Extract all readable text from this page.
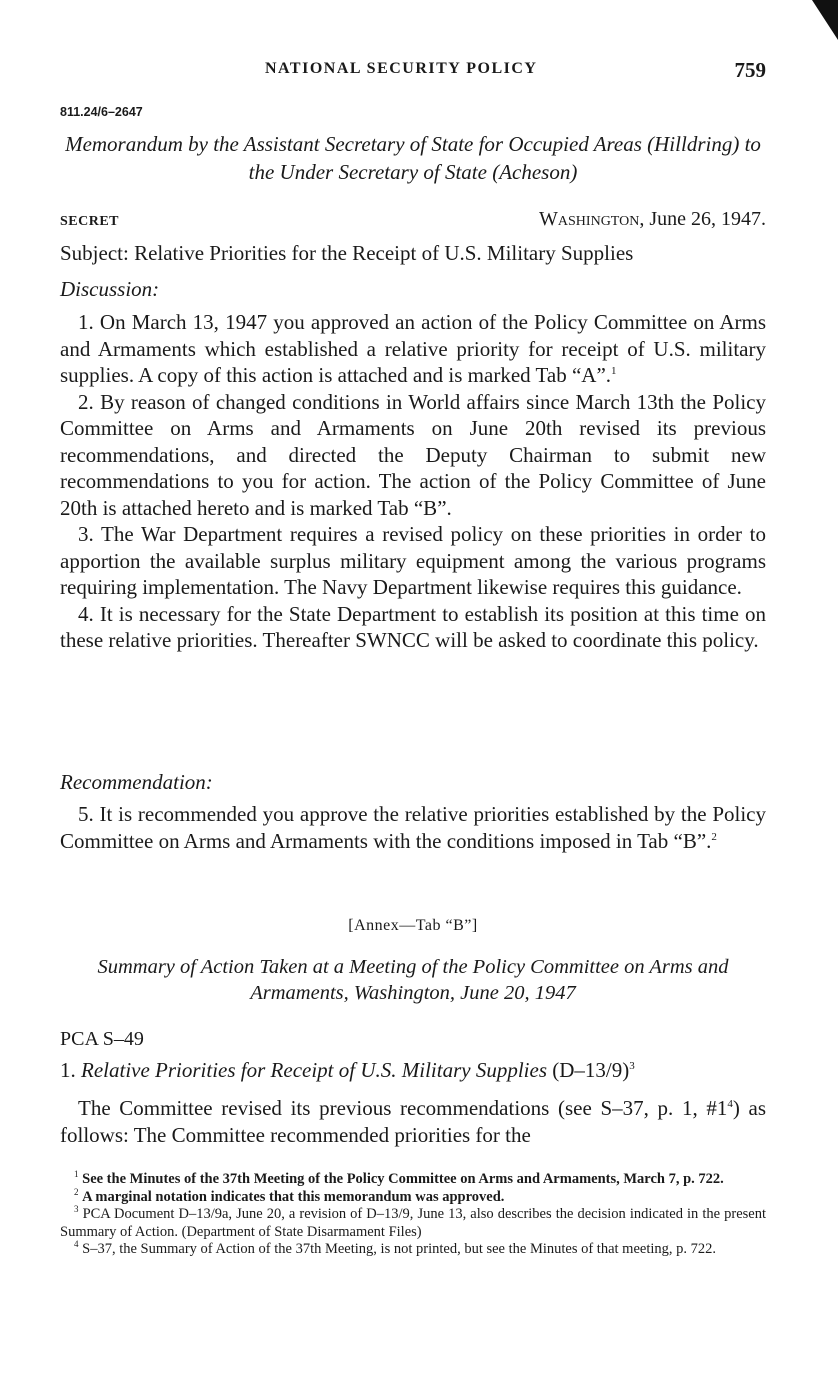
NATIONAL SECURITY POLICY	759
811.24/6–2647
Memorandum by the Assistant Secretary of State for Occupied Areas (Hilldring) to the Under Secretary of State (Acheson)
SECRET	Washington, June 26, 1947.
Subject: Relative Priorities for the Receipt of U.S. Military Supplies
Discussion:

1. On March 13, 1947 you approved an action of the Policy Committee on Arms and Armaments which established a relative priority for receipt of U.S. military supplies. A copy of this action is attached and is marked Tab “A”.$^1$

2. By reason of changed conditions in World affairs since March 13th the Policy Committee on Arms and Armaments on June 20th revised its previous recommendations, and directed the Deputy Chairman to submit new recommendations to you for action. The action of the Policy Committee of June 20th is attached hereto and is marked Tab “B”.

3. The War Department requires a revised policy on these priorities in order to apportion the available surplus military equipment among the various programs requiring implementation. The Navy Department likewise requires this guidance.

4. It is necessary for the State Department to establish its position at this time on these relative priorities. Thereafter SWNCC will be asked to coordinate this policy.

Recommendation:

5. It is recommended you approve the relative priorities established by the Policy Committee on Arms and Armaments with the conditions imposed in Tab “B”.$^2$

[Annex—Tab “B”]
Summary of Action Taken at a Meeting of the Policy Committee on Arms and Armaments, Washington, June 20, 1947
PCA S–49
1. Relative Priorities for Receipt of U.S. Military Supplies $(D-13/9)^3$

The Committee revised its previous recommendations (see S–37, p. 1, $\#1^4$) as follows: The Committee recommended priorities for the

$^1$ See the Minutes of the 37th Meeting of the Policy Committee on Arms and Armaments, March 7, p. 722.

$^2$ A marginal notation indicates that this memorandum was approved.

$^3$ PCA Document D–13/9a, June 20, a revision of D–13/9, June 13, also describes the decision indicated in the present Summary of Action. (Department of State Disarmament Files)

$^4$ S–37, the Summary of Action of the 37th Meeting, is not printed, but see the Minutes of that meeting, p. 722.
